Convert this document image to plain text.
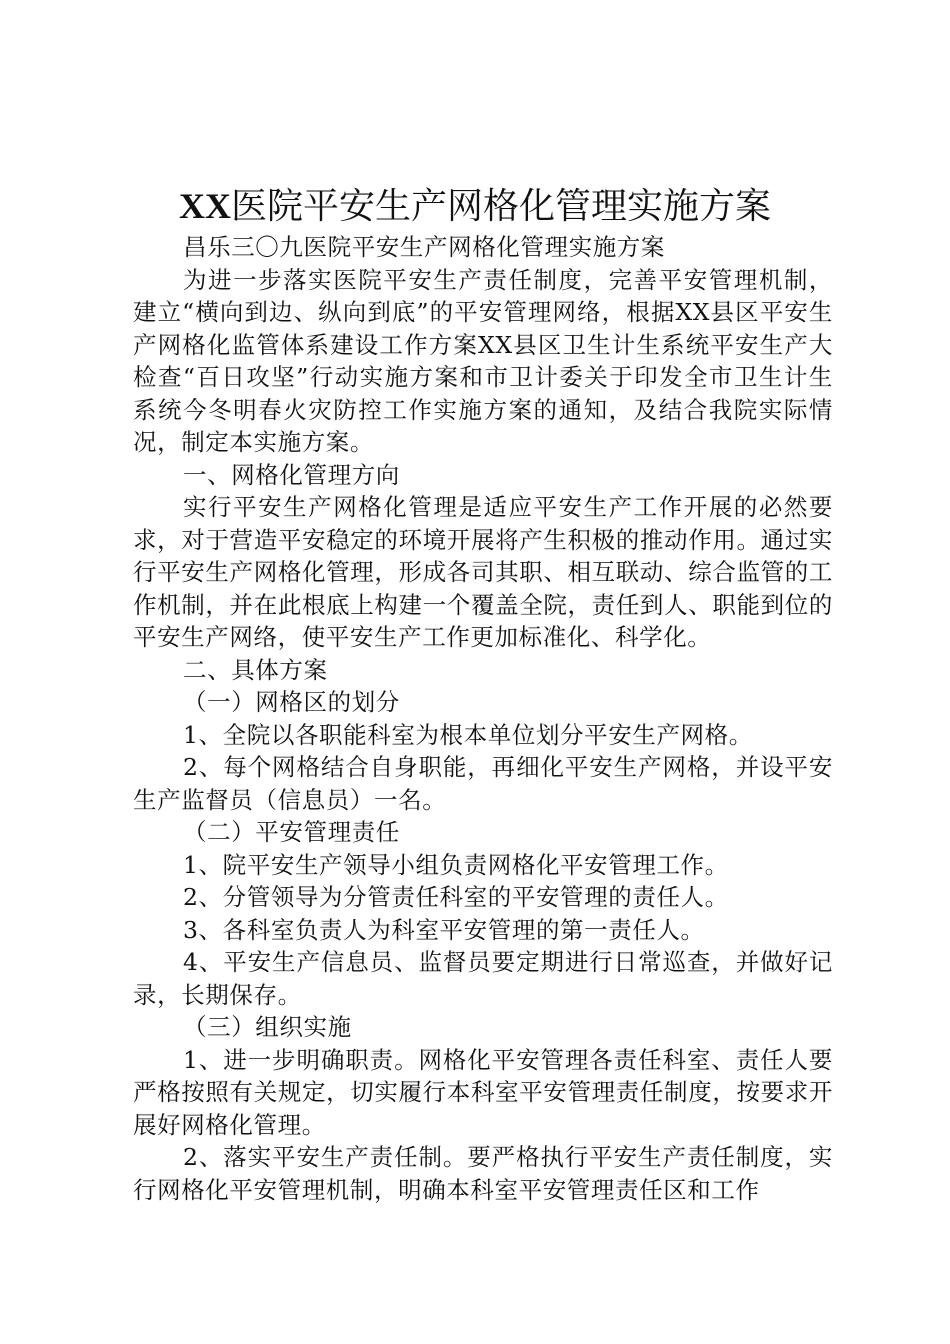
XX医院平安生产网格化管理实施方案

昌乐三〇九医院平安生产网格化管理实施方案

为进一步落实医院平安生产责任制度，完善平安管理机制，建立“横向到边、纵向到底”的平安管理网络，根据XX县区平安生产网格化监管体系建设工作方案XX县区卫生计生系统平安生产大检查“百日攻坚”行动实施方案和市卫计委关于印发全市卫生计生系统今冬明春火灾防控工作实施方案的通知，及结合我院实际情况，制定本实施方案。

一、网格化管理方向

实行平安生产网格化管理是适应平安生产工作开展的必然要求，对于营造平安稳定的环境开展将产生积极的推动作用。通过实行平安生产网格化管理，形成各司其职、相互联动、综合监管的工作机制，并在此根底上构建一个覆盖全院，责任到人、职能到位的平安生产网络，使平安生产工作更加标准化、科学化。

二、具体方案

（一）网格区的划分

1、全院以各职能科室为根本单位划分平安生产网格。

2、每个网格结合自身职能，再细化平安生产网格，并设平安生产监督员（信息员）一名。

（二）平安管理责任

1、院平安生产领导小组负责网格化平安管理工作。

2、分管领导为分管责任科室的平安管理的责任人。

3、各科室负责人为科室平安管理的第一责任人。

4、平安生产信息员、监督员要定期进行日常巡查，并做好记录，长期保存。

（三）组织实施

1、进一步明确职责。网格化平安管理各责任科室、责任人要严格按照有关规定，切实履行本科室平安管理责任制度，按要求开展好网格化管理。

2、落实平安生产责任制。要严格执行平安生产责任制度，实行网格化平安管理机制，明确本科室平安管理责任区和工作
